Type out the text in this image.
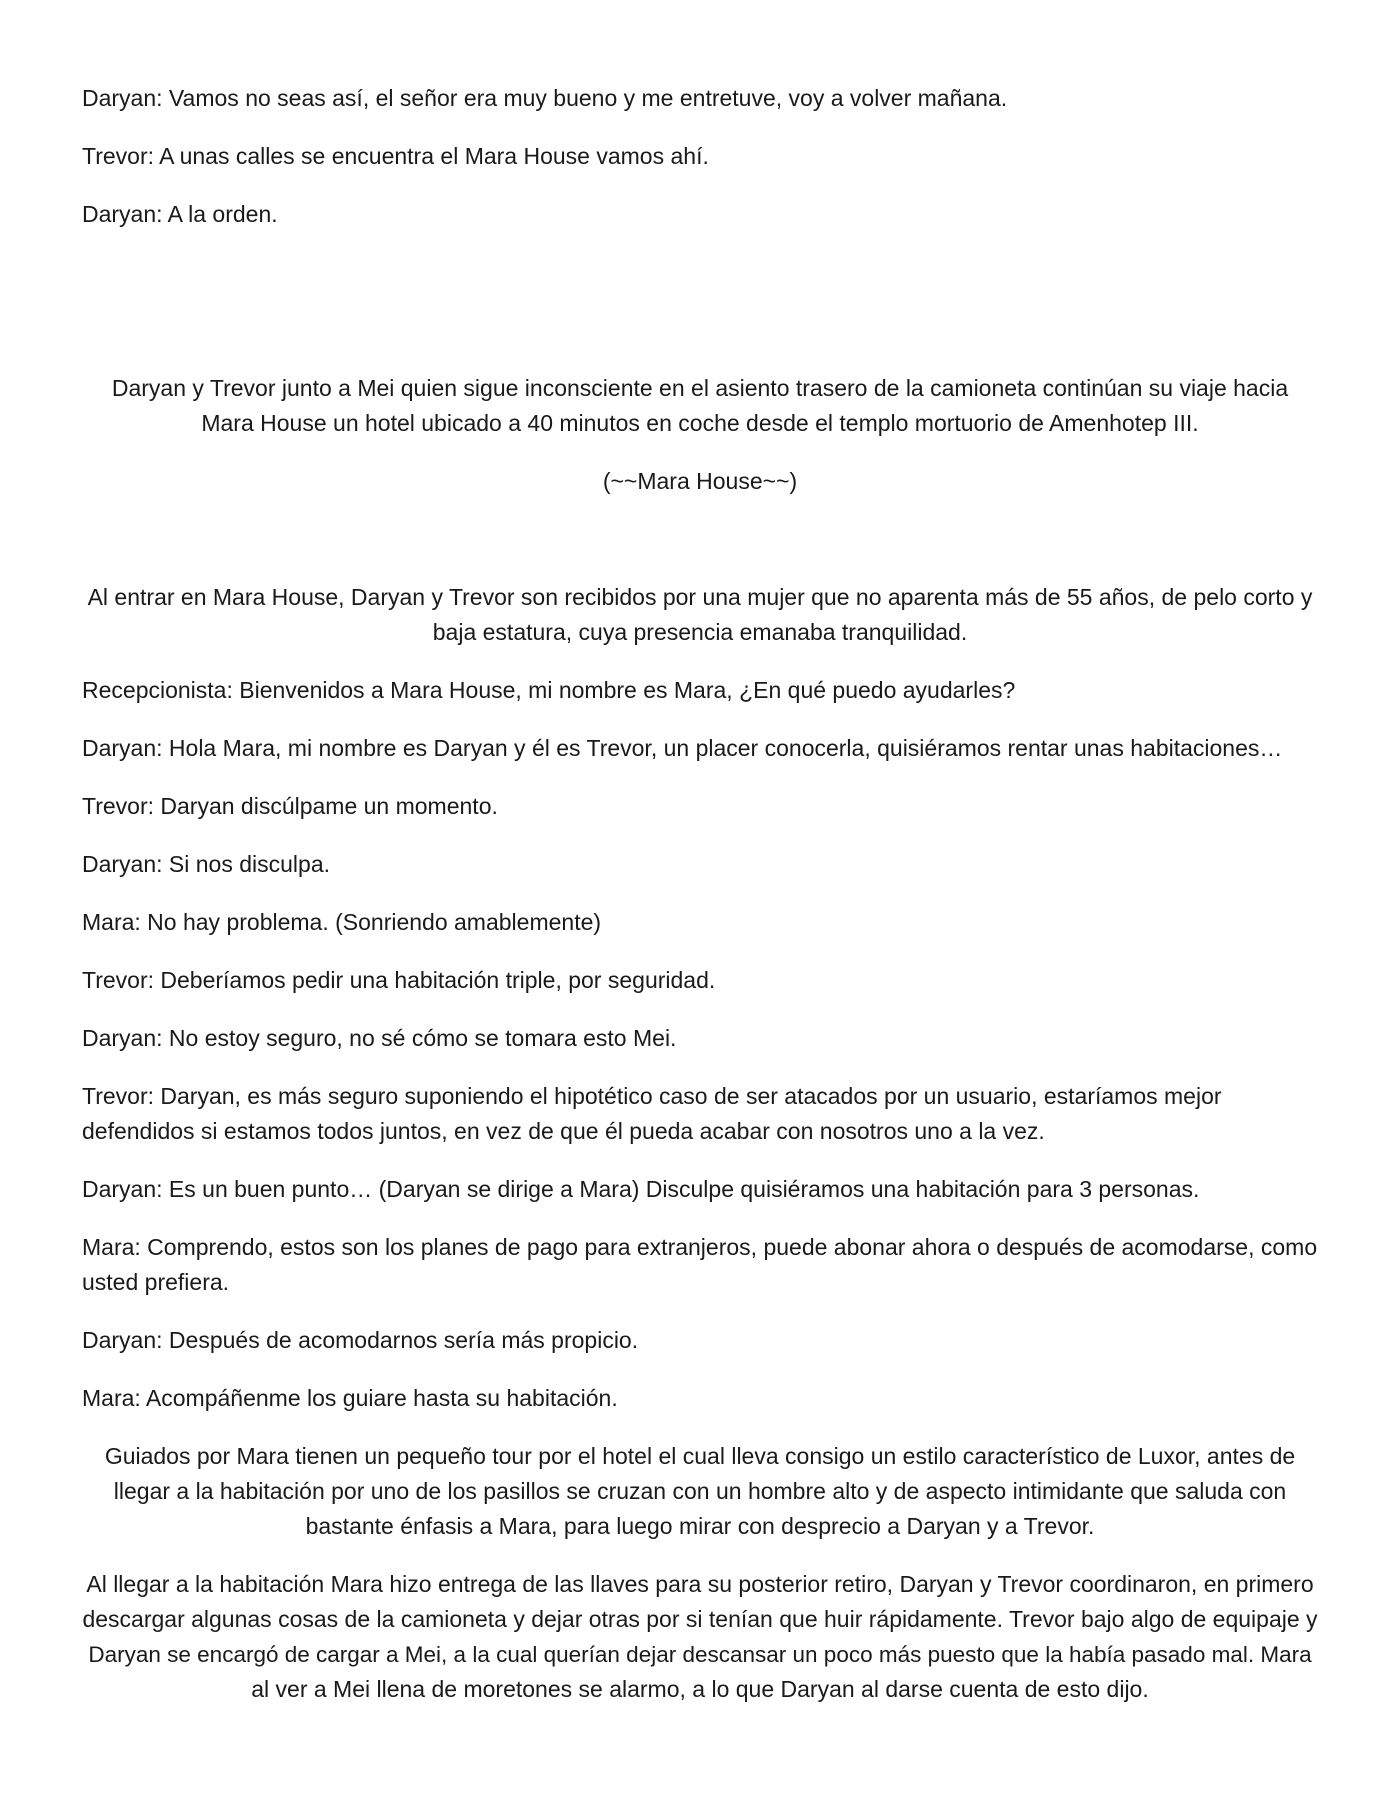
Daryan: Vamos no seas así, el señor era muy bueno y me entretuve, voy a volver mañana.

Trevor: A unas calles se encuentra el Mara House vamos ahí.

Daryan: A la orden.

Daryan y Trevor junto a Mei quien sigue inconsciente en el asiento trasero de la camioneta continúan su viaje hacia
Mara House un hotel ubicado a 40 minutos en coche desde el templo mortuorio de Amenhotep III.

(~~Mara House~~)

Al entrar en Mara House, Daryan y Trevor son recibidos por una mujer que no aparenta más de 55 años, de pelo corto y
baja estatura, cuya presencia emanaba tranquilidad.

Recepcionista: Bienvenidos a Mara House, mi nombre es Mara, ¿En qué puedo ayudarles?

Daryan: Hola Mara, mi nombre es Daryan y él es Trevor, un placer conocerla, quisiéramos rentar unas habitaciones…

Trevor: Daryan discúlpame un momento.

Daryan: Si nos disculpa.

Mara: No hay problema. (Sonriendo amablemente)

Trevor: Deberíamos pedir una habitación triple, por seguridad.

Daryan: No estoy seguro, no sé cómo se tomara esto Mei.

Trevor: Daryan, es más seguro suponiendo el hipotético caso de ser atacados por un usuario, estaríamos mejor
defendidos si estamos todos juntos, en vez de que él pueda acabar con nosotros uno a la vez.

Daryan: Es un buen punto… (Daryan se dirige a Mara) Disculpe quisiéramos una habitación para 3 personas.

Mara: Comprendo, estos son los planes de pago para extranjeros, puede abonar ahora o después de acomodarse, como
usted prefiera.

Daryan: Después de acomodarnos sería más propicio.

Mara: Acompáñenme los guiare hasta su habitación.

Guiados por Mara tienen un pequeño tour por el hotel el cual lleva consigo un estilo característico de Luxor, antes de
llegar a la habitación por uno de los pasillos se cruzan con un hombre alto y de aspecto intimidante que saluda con
bastante énfasis a Mara, para luego mirar con desprecio a Daryan y a Trevor.

Al llegar a la habitación Mara hizo entrega de las llaves para su posterior retiro, Daryan y Trevor coordinaron, en primero
descargar algunas cosas de la camioneta y dejar otras por si tenían que huir rápidamente. Trevor bajo algo de equipaje y
Daryan se encargó de cargar a Mei, a la cual querían dejar descansar un poco más puesto que la había pasado mal. Mara
al ver a Mei llena de moretones se alarmo, a lo que Daryan al darse cuenta de esto dijo.
